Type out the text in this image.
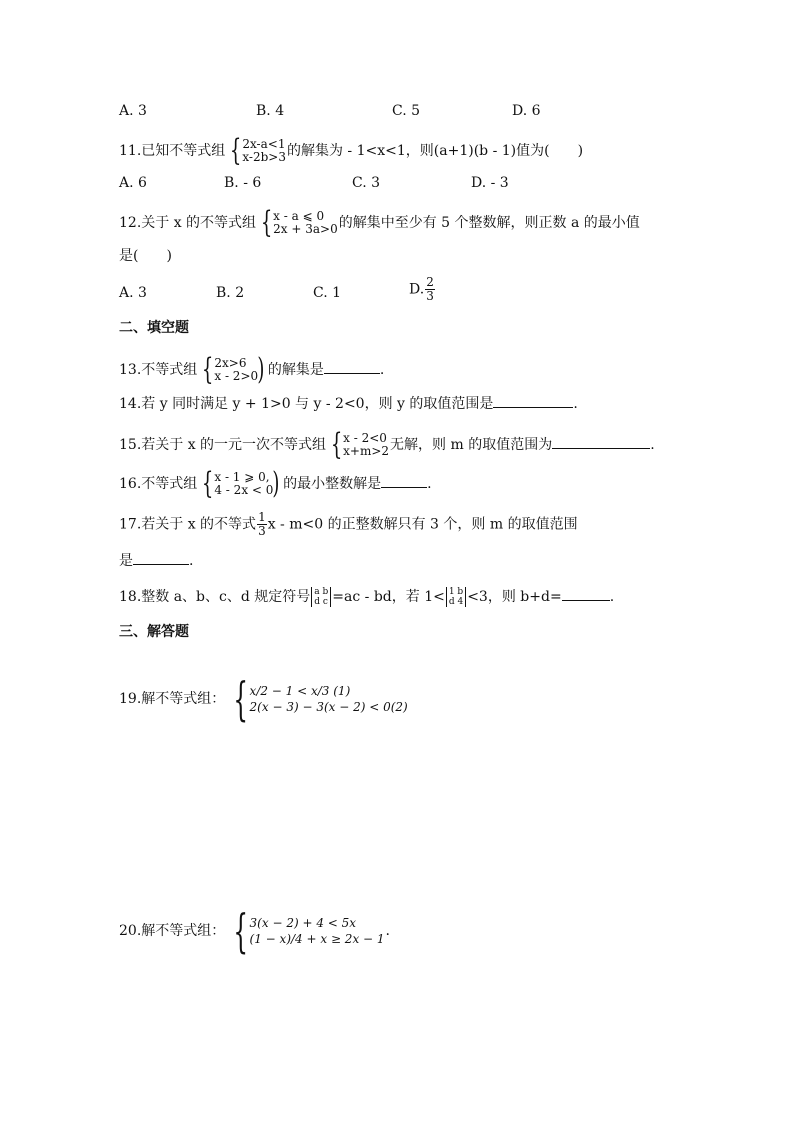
A. 3	B. 4	C. 5	D. 6
11.已知不等式组 { 2x-a<1
x-2b>3 的解集为 - 1<x<1，则(a+1)(b - 1)值为(　　)
A. 6	B. - 6	C. 3	D. - 3
12.关于 x 的不等式组 { x - a ⩽ 0
2x + 3a>0 的解集中至少有 5 个整数解，则正数 a 的最小值
是(　　)
A. 3	B. 2	C. 1	D. $\frac{2}{3}$
二、填空题
13.不等式组 { 2x>6
x - 2>0 ) 的解集是	.
14.若 y 同时满足 y + 1>0 与 y - 2<0，则 y 的取值范围是	.
15.若关于 x 的一元一次不等式组 { x - 2<0
x+m>2 无解，则 m 的取值范围为	.
16.不等式组 { x - 1 ⩾ 0,
4 - 2x < 0 ) 的最小整数解是	.
17.若关于 x 的不等式 $\frac{1}{3}$ x - m<0 的正整数解只有 3 个，则 m 的取值范围
是	.
18.整数 a、b、c、d 规定符号 a b
d c =ac - bd，若 1< 1 b
d 4 <3，则 b+d=	.
三、解答题
19.解不等式组： { x/2 − 1 < x/3 (1)
2(x − 3) − 3(x − 2) < 0(2)
20.解不等式组： { 3(x − 2) + 4 < 5x
(1 − x)/4 + x ≥ 2x − 1 .
